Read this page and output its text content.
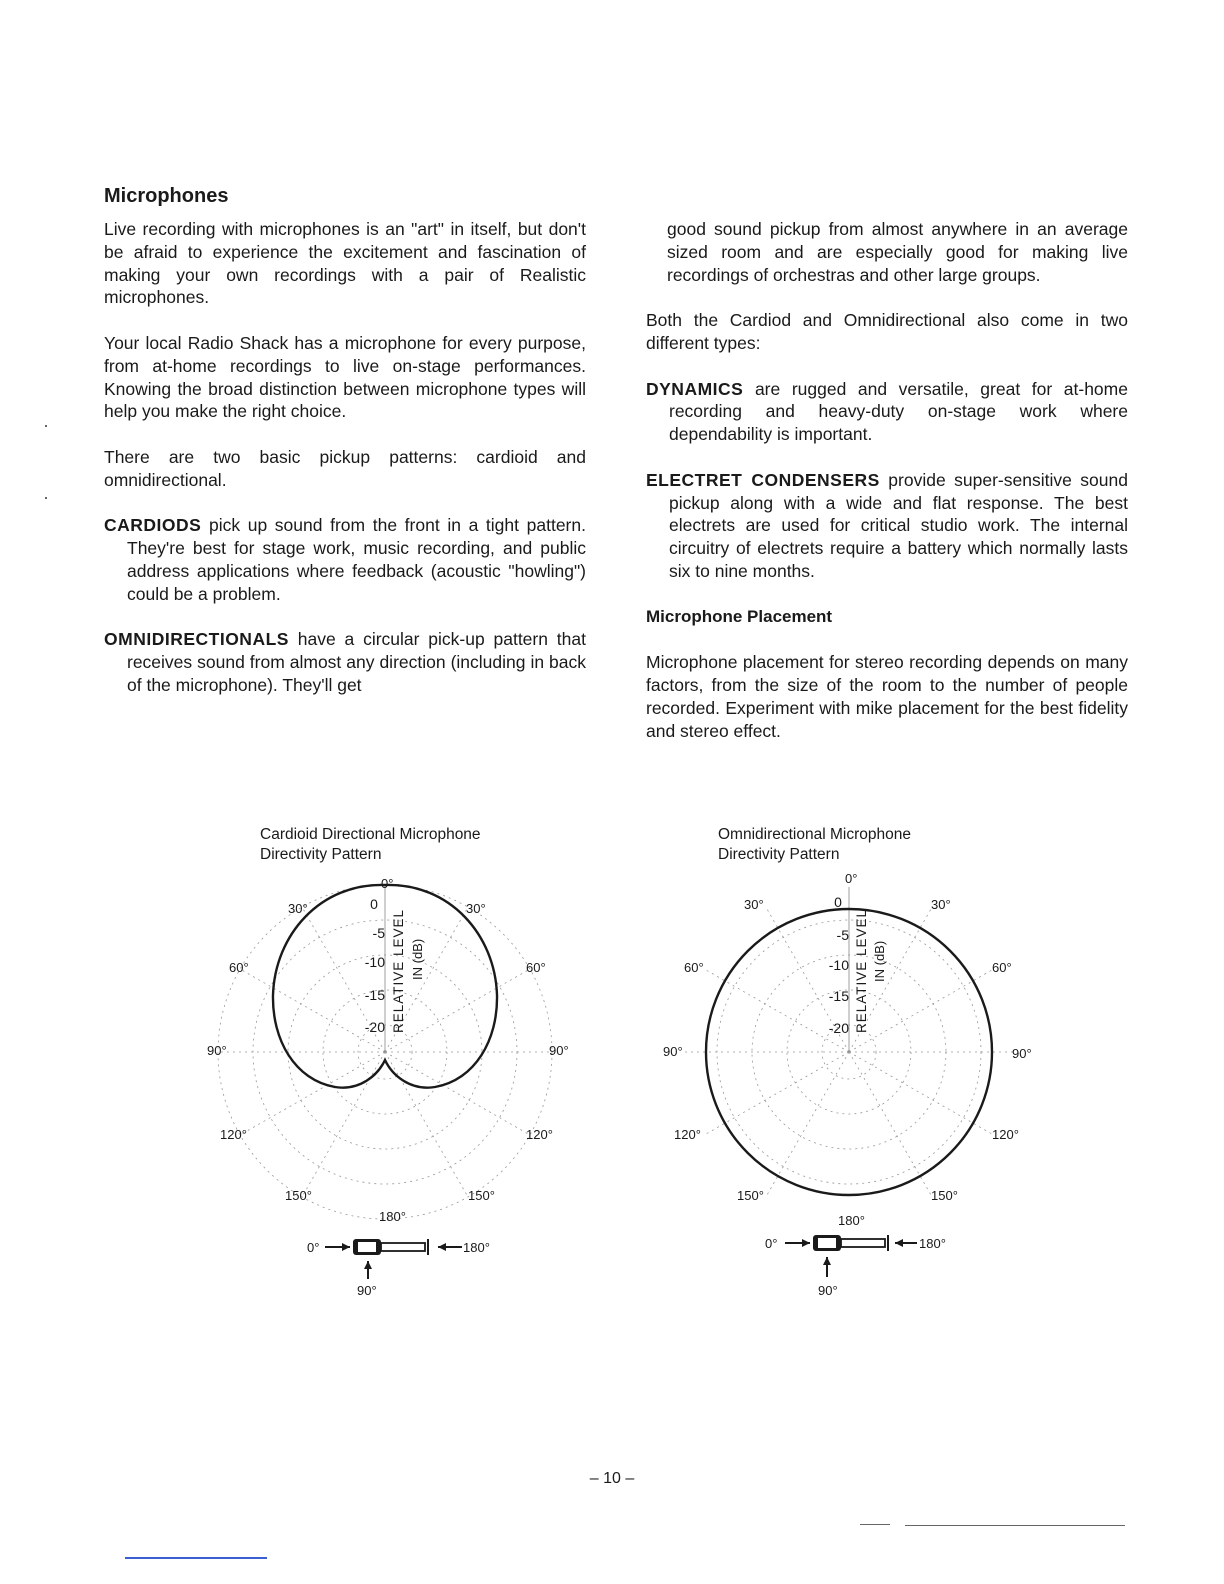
Microphones

Live recording with microphones is an "art" in itself, but don't be afraid to experience the excitement and fascination of making your own recordings with a pair of Realistic microphones.

Your local Radio Shack has a microphone for every purpose, from at-home recordings to live on-stage performances. Knowing the broad distinction between microphone types will help you make the right choice.

There are two basic pickup patterns: cardioid and omnidirectional.

CARDIODS pick up sound from the front in a tight pattern. They're best for stage work, music recording, and public address applications where feedback (acoustic "howling") could be a problem.

OMNIDIRECTIONALS have a circular pick-up pattern that receives sound from almost any direction (including in back of the microphone). They'll get

good sound pickup from almost anywhere in an average sized room and are especially good for making live recordings of orchestras and other large groups.

Both the Cardiod and Omnidirectional also come in two different types:

DYNAMICS are rugged and versatile, great for at-home recording and heavy-duty on-stage work where dependability is important.

ELECTRET CONDENSERS provide super-sensitive sound pickup along with a wide and flat response. The best electrets are used for critical studio work. The internal circuitry of electrets require a battery which normally lasts six to nine months.

Microphone Placement

Microphone placement for stereo recording depends on many factors, from the size of the room to the number of people recorded. Experiment with mike placement for the best fidelity and stereo effect.

Cardioid Directional Microphone
Directivity Pattern
0°
30°	30°
60°	60°
90°	90°
120°	120°
150°	150°
180°
0
-5
-10
-15
-20 RELATIVE LEVEL IN (dB)
0°	180°
90°
Omnidirectional Microphone
Directivity Pattern
0°
30°	30°
60°	60°
90°	90°
120°	120°
150°	150°
180°
0
-5
-10
-15
-20 RELATIVE LEVEL IN (dB)
0°	180°
90°
– 10 –
